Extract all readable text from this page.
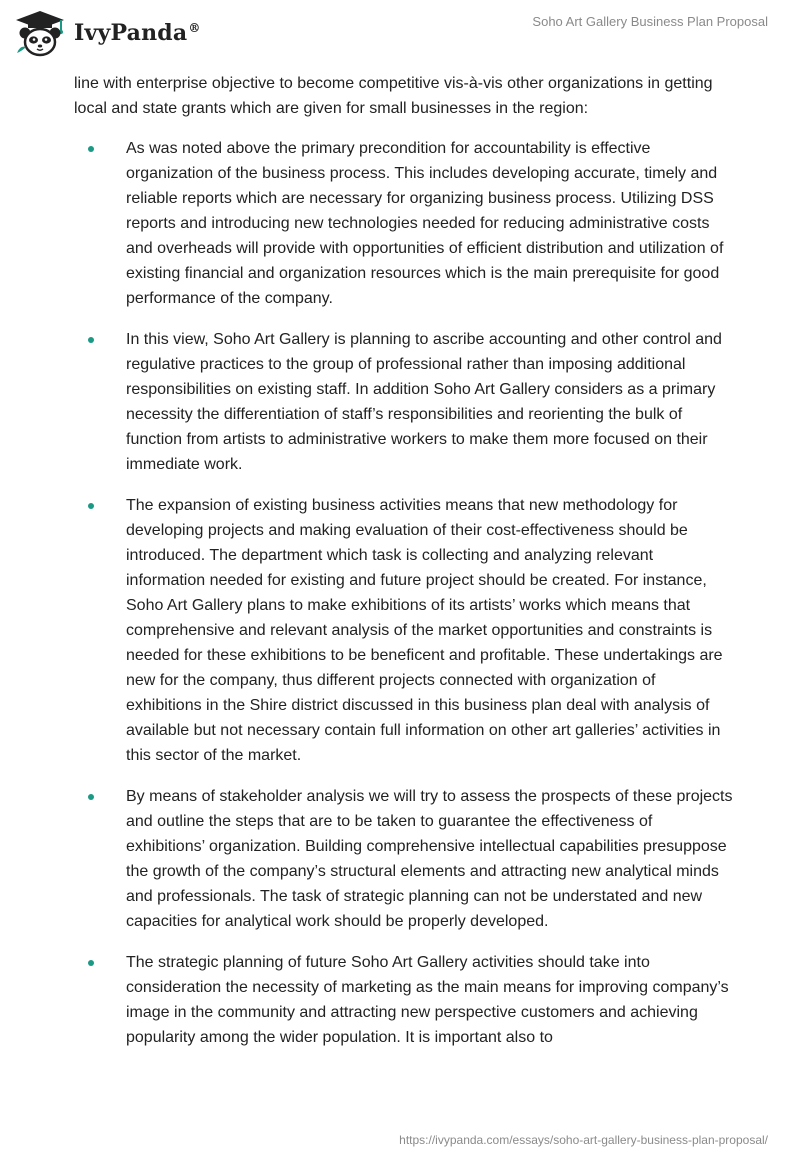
IvyPanda®	Soho Art Gallery Business Plan Proposal

line with enterprise objective to become competitive vis-à-vis other organizations in getting local and state grants which are given for small businesses in the region:

As was noted above the primary precondition for accountability is effective organization of the business process. This includes developing accurate, timely and reliable reports which are necessary for organizing business process. Utilizing DSS reports and introducing new technologies needed for reducing administrative costs and overheads will provide with opportunities of efficient distribution and utilization of existing financial and organization resources which is the main prerequisite for good performance of the company.
In this view, Soho Art Gallery is planning to ascribe accounting and other control and regulative practices to the group of professional rather than imposing additional responsibilities on existing staff. In addition Soho Art Gallery considers as a primary necessity the differentiation of staff’s responsibilities and reorienting the bulk of function from artists to administrative workers to make them more focused on their immediate work.
The expansion of existing business activities means that new methodology for developing projects and making evaluation of their cost-effectiveness should be introduced. The department which task is collecting and analyzing relevant information needed for existing and future project should be created. For instance, Soho Art Gallery plans to make exhibitions of its artists’ works which means that comprehensive and relevant analysis of the market opportunities and constraints is needed for these exhibitions to be beneficent and profitable. These undertakings are new for the company, thus different projects connected with organization of exhibitions in the Shire district discussed in this business plan deal with analysis of available but not necessary contain full information on other art galleries’ activities in this sector of the market.
By means of stakeholder analysis we will try to assess the prospects of these projects and outline the steps that are to be taken to guarantee the effectiveness of exhibitions’ organization. Building comprehensive intellectual capabilities presuppose the growth of the company’s structural elements and attracting new analytical minds and professionals. The task of strategic planning can not be understated and new capacities for analytical work should be properly developed.
The strategic planning of future Soho Art Gallery activities should take into consideration the necessity of marketing as the main means for improving company’s image in the community and attracting new perspective customers and achieving popularity among the wider population. It is important also to
https://ivypanda.com/essays/soho-art-gallery-business-plan-proposal/
